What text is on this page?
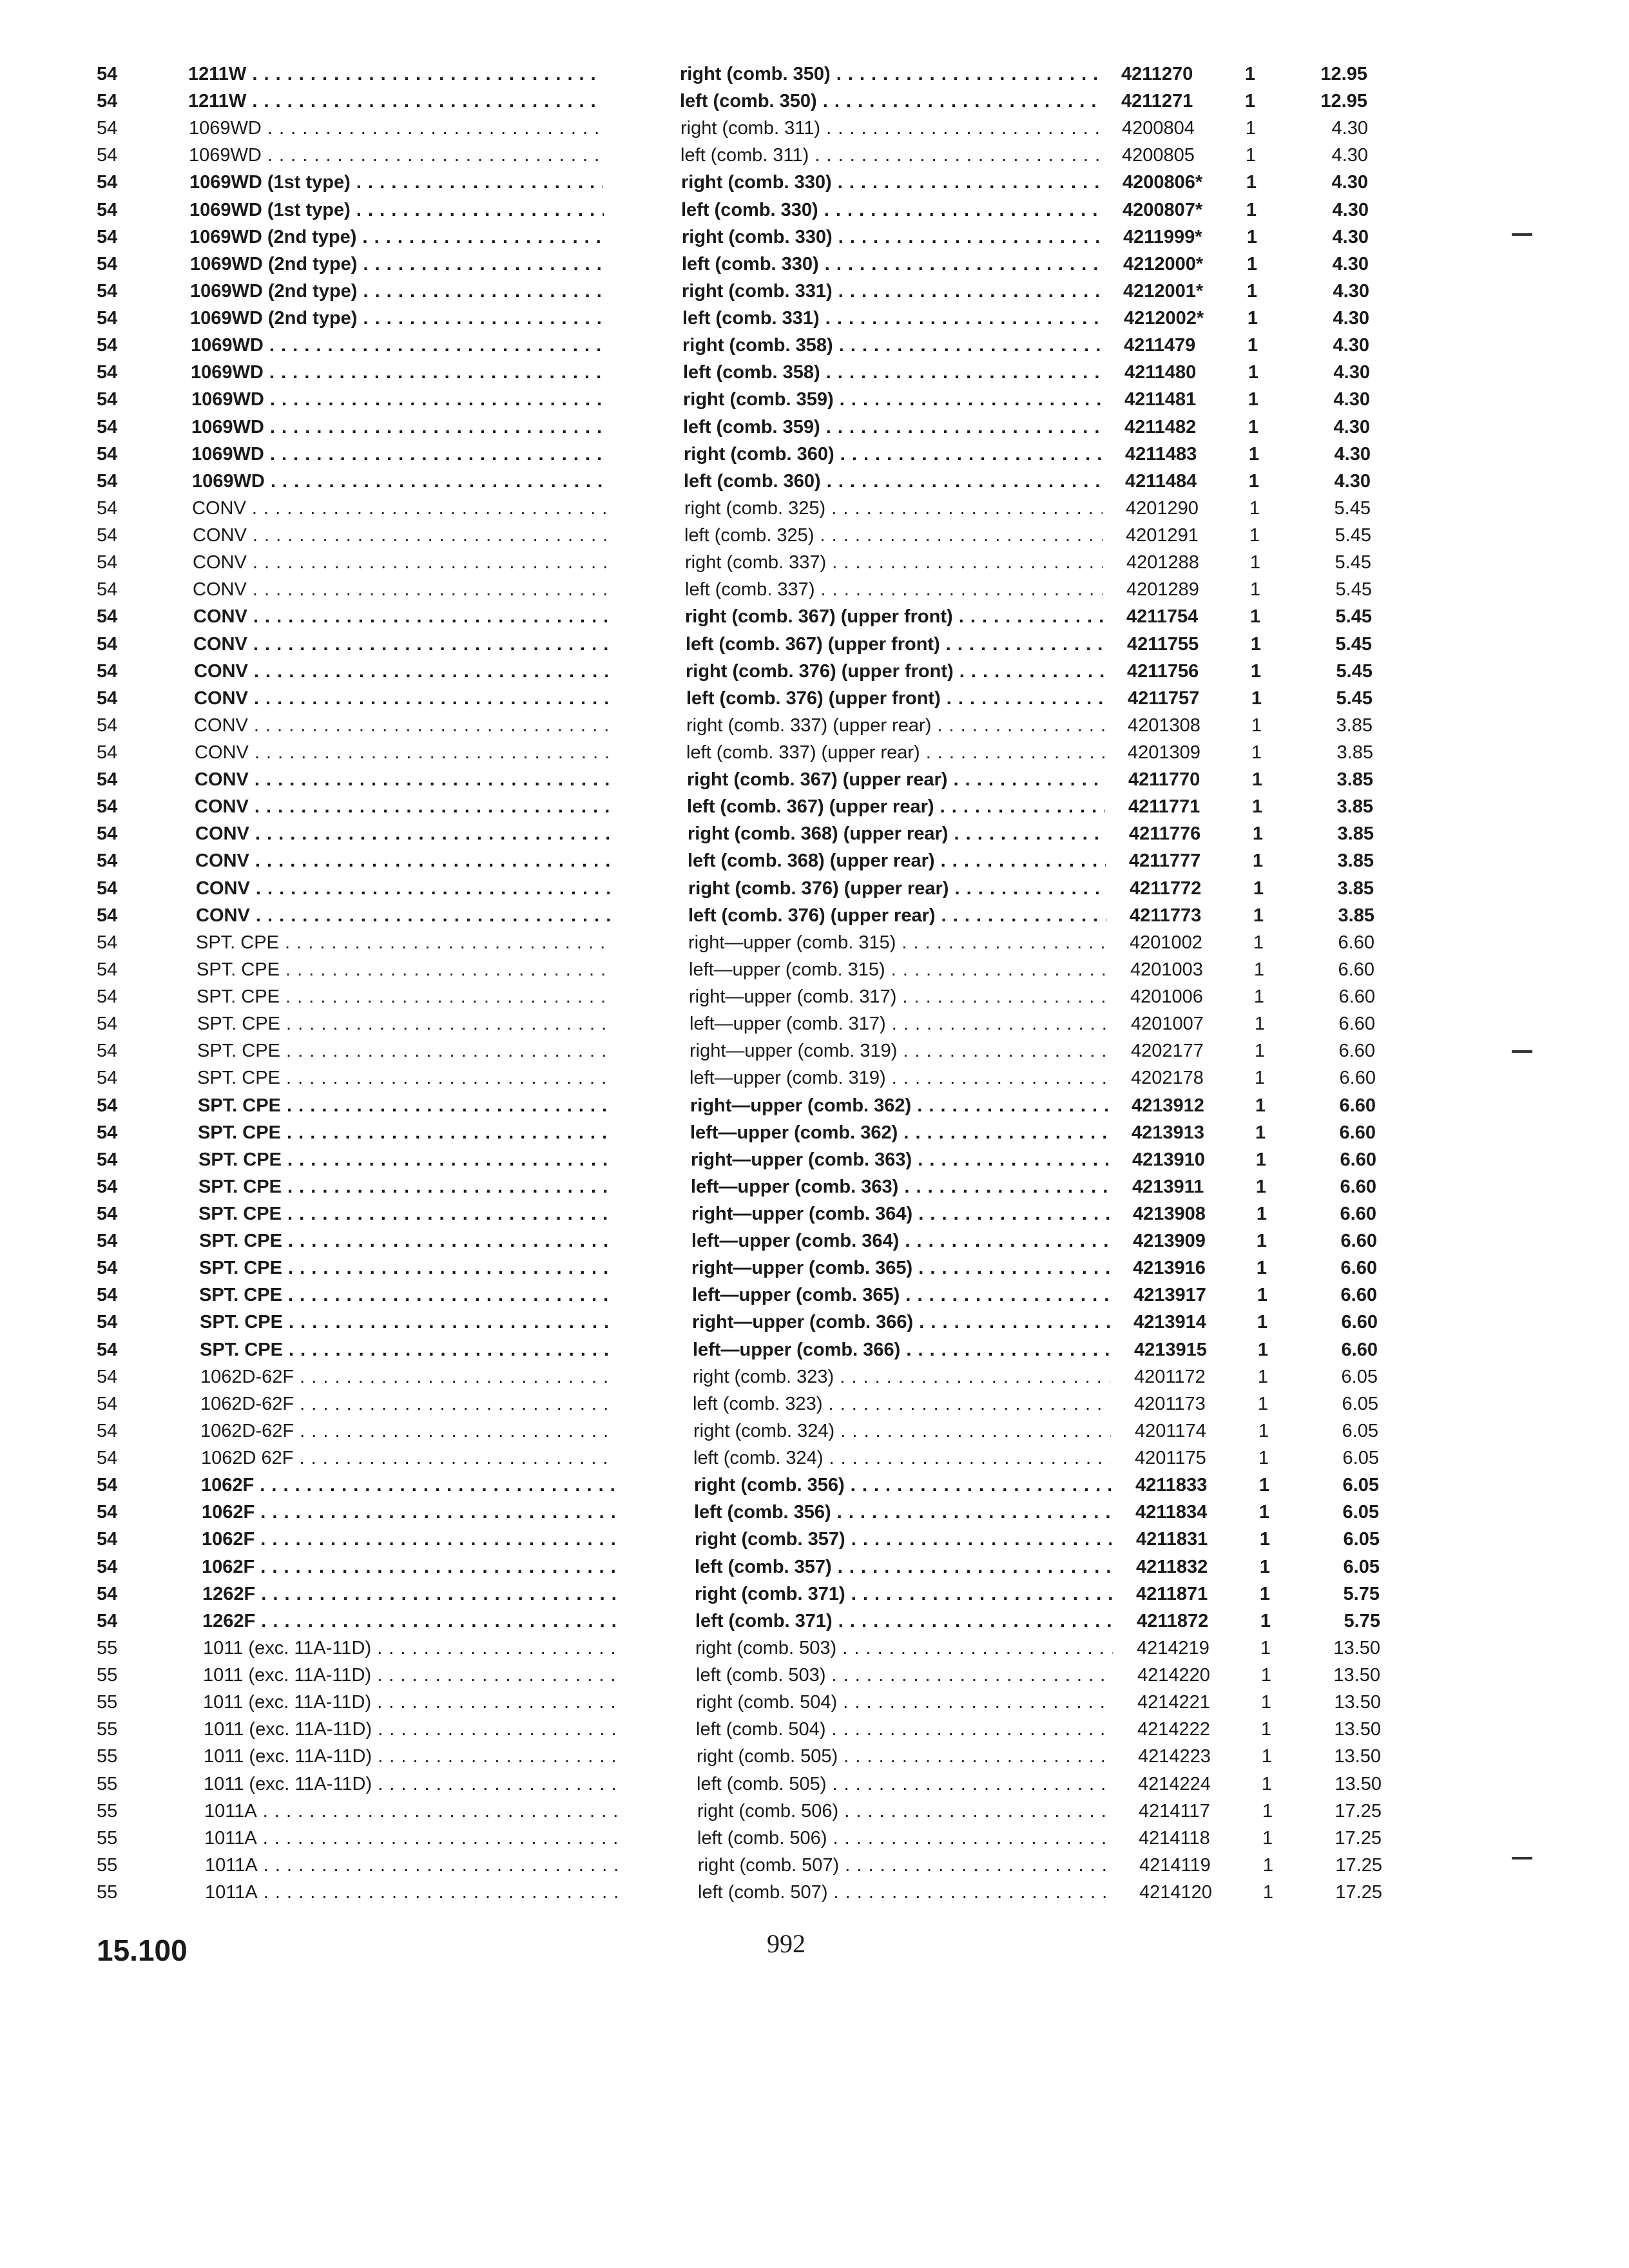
54	1211W . . .	right (comb. 350) . . .	4211270	1	12.95
54	1211W . . .	left (comb. 350) . . .	4211271	1	12.95
54	1069WD . . .	right (comb. 311) . . .	4200804	1	4.30
54	1069WD . . .	left (comb. 311) . . .	4200805	1	4.30
54	1069WD (1st type) . . .	right (comb. 330) . . .	4200806*	1	4.30
54	1069WD (1st type) . . .	left (comb. 330) . . .	4200807*	1	4.30
54	1069WD (2nd type) . . .	right (comb. 330) . . .	4211999*	1	4.30
54	1069WD (2nd type) . . .	left (comb. 330) . . .	4212000*	1	4.30
54	1069WD (2nd type) . . .	right (comb. 331) . . .	4212001*	1	4.30
54	1069WD (2nd type) . . .	left (comb. 331) . . .	4212002*	1	4.30
54	1069WD . . .	right (comb. 358) . . .	4211479	1	4.30
54	1069WD . . .	left (comb. 358) . . .	4211480	1	4.30
54	1069WD . . .	right (comb. 359) . . .	4211481	1	4.30
54	1069WD . . .	left (comb. 359) . . .	4211482	1	4.30
54	1069WD . . .	right (comb. 360) . . .	4211483	1	4.30
54	1069WD . . .	left (comb. 360) . . .	4211484	1	4.30
54	CONV . . .	right (comb. 325) . . .	4201290	1	5.45
54	CONV . . .	left (comb. 325) . . .	4201291	1	5.45
54	CONV . . .	right (comb. 337) . . .	4201288	1	5.45
54	CONV . . .	left (comb. 337) . . .	4201289	1	5.45
54	CONV . . .	right (comb. 367) (upper front) . . .	4211754	1	5.45
54	CONV . . .	left (comb. 367) (upper front) . . .	4211755	1	5.45
54	CONV . . .	right (comb. 376) (upper front) . . .	4211756	1	5.45
54	CONV . . .	left (comb. 376) (upper front) . . .	4211757	1	5.45
54	CONV . . .	right (comb. 337) (upper rear) . . .	4201308	1	3.85
54	CONV . . .	left (comb. 337) (upper rear) . . .	4201309	1	3.85
54	CONV . . .	right (comb. 367) (upper rear) . . .	4211770	1	3.85
54	CONV . . .	left (comb. 367) (upper rear) . . .	4211771	1	3.85
54	CONV . . .	right (comb. 368) (upper rear) . . .	4211776	1	3.85
54	CONV . . .	left (comb. 368) (upper rear) . . .	4211777	1	3.85
54	CONV . . .	right (comb. 376) (upper rear) . . .	4211772	1	3.85
54	CONV . . .	left (comb. 376) (upper rear) . . .	4211773	1	3.85
54	SPT. CPE . . .	right—upper (comb. 315) . . .	4201002	1	6.60
54	SPT. CPE . . .	left—upper (comb. 315) . . .	4201003	1	6.60
54	SPT. CPE . . .	right—upper (comb. 317) . . .	4201006	1	6.60
54	SPT. CPE . . .	left—upper (comb. 317) . . .	4201007	1	6.60
54	SPT. CPE . . .	right—upper (comb. 319) . . .	4202177	1	6.60
54	SPT. CPE . . .	left—upper (comb. 319) . . .	4202178	1	6.60
54	SPT. CPE . . .	right—upper (comb. 362) . . .	4213912	1	6.60
54	SPT. CPE . . .	left—upper (comb. 362) . . .	4213913	1	6.60
54	SPT. CPE . . .	right—upper (comb. 363) . . .	4213910	1	6.60
54	SPT. CPE . . .	left—upper (comb. 363) . . .	4213911	1	6.60
54	SPT. CPE . . .	right—upper (comb. 364) . . .	4213908	1	6.60
54	SPT. CPE . . .	left—upper (comb. 364) . . .	4213909	1	6.60
54	SPT. CPE . . .	right—upper (comb. 365) . . .	4213916	1	6.60
54	SPT. CPE . . .	left—upper (comb. 365) . . .	4213917	1	6.60
54	SPT. CPE . . .	right—upper (comb. 366) . . .	4213914	1	6.60
54	SPT. CPE . . .	left—upper (comb. 366) . . .	4213915	1	6.60
54	1062D-62F . . .	right (comb. 323) . . .	4201172	1	6.05
54	1062D-62F . . .	left (comb. 323) . . .	4201173	1	6.05
54	1062D-62F . . .	right (comb. 324) . . .	4201174	1	6.05
54	1062D 62F . . .	left (comb. 324) . . .	4201175	1	6.05
54	1062F . . .	right (comb. 356) . . .	4211833	1	6.05
54	1062F . . .	left (comb. 356) . . .	4211834	1	6.05
54	1062F . . .	right (comb. 357) . . .	4211831	1	6.05
54	1062F . . .	left (comb. 357) . . .	4211832	1	6.05
54	1262F . . .	right (comb. 371) . . .	4211871	1	5.75
54	1262F . . .	left (comb. 371) . . .	4211872	1	5.75
55	1011 (exc. 11A-11D) . . .	right (comb. 503) . . .	4214219	1	13.50
55	1011 (exc. 11A-11D) . . .	left (comb. 503) . . .	4214220	1	13.50
55	1011 (exc. 11A-11D) . . .	right (comb. 504) . . .	4214221	1	13.50
55	1011 (exc. 11A-11D) . . .	left (comb. 504) . . .	4214222	1	13.50
55	1011 (exc. 11A-11D) . . .	right (comb. 505) . . .	4214223	1	13.50
55	1011 (exc. 11A-11D) . . .	left (comb. 505) . . .	4214224	1	13.50
55	1011A . . .	right (comb. 506) . . .	4214117	1	17.25
55	1011A . . .	left (comb. 506) . . .	4214118	1	17.25
55	1011A . . .	right (comb. 507) . . .	4214119	1	17.25
55	1011A . . .	left (comb. 507) . . .	4214120	1	17.25
15.100	992
